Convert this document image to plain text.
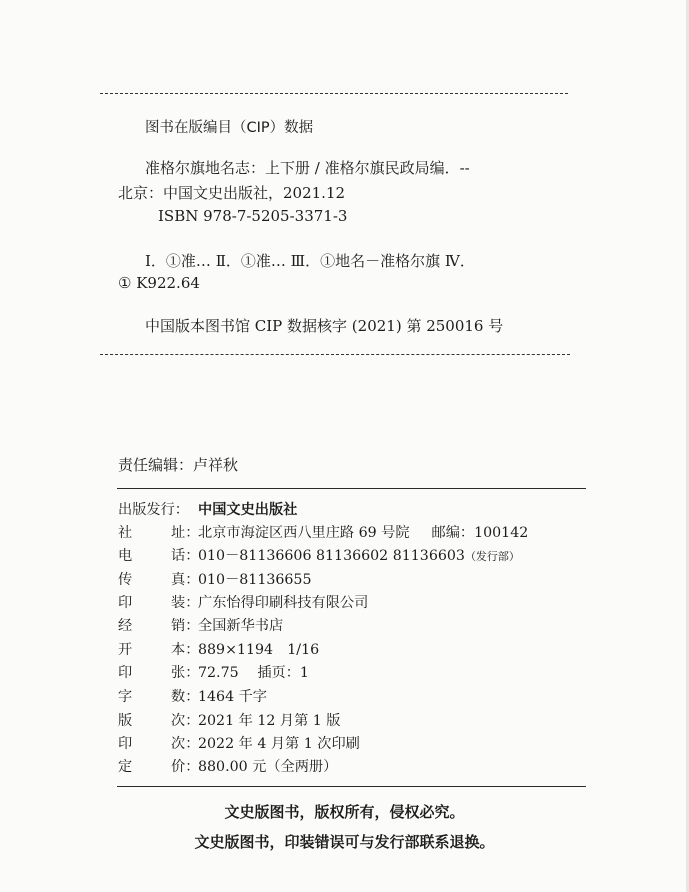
图书在版编目（CIP）数据
准格尔旗地名志：上下册 / 准格尔旗民政局编．--
北京：中国文史出版社，2021.12
ISBN 978-7-5205-3371-3
Ⅰ．①准… Ⅱ．①准… Ⅲ．①地名－准格尔旗 Ⅳ．
① K922.64
中国版本图书馆 CIP 数据核字 (2021) 第 250016 号
责任编辑：卢祥秋
出版发行： 中国文史出版社
社	址：北京市海淀区西八里庄路 69 号院 邮编：100142
电	话：010－81136606 81136602 81136603（发行部）
传	真：010－81136655
印	装：广东怡得印刷科技有限公司
经	销：全国新华书店
开	本：889×1194　1/16
印	张：72.75　 插页：1
字	数：1464 千字
版	次：2021 年 12 月第 1 版
印	次：2022 年 4 月第 1 次印刷
定	价：880.00 元（全两册）
文史版图书，版权所有，侵权必究。
文史版图书，印装错误可与发行部联系退换。
